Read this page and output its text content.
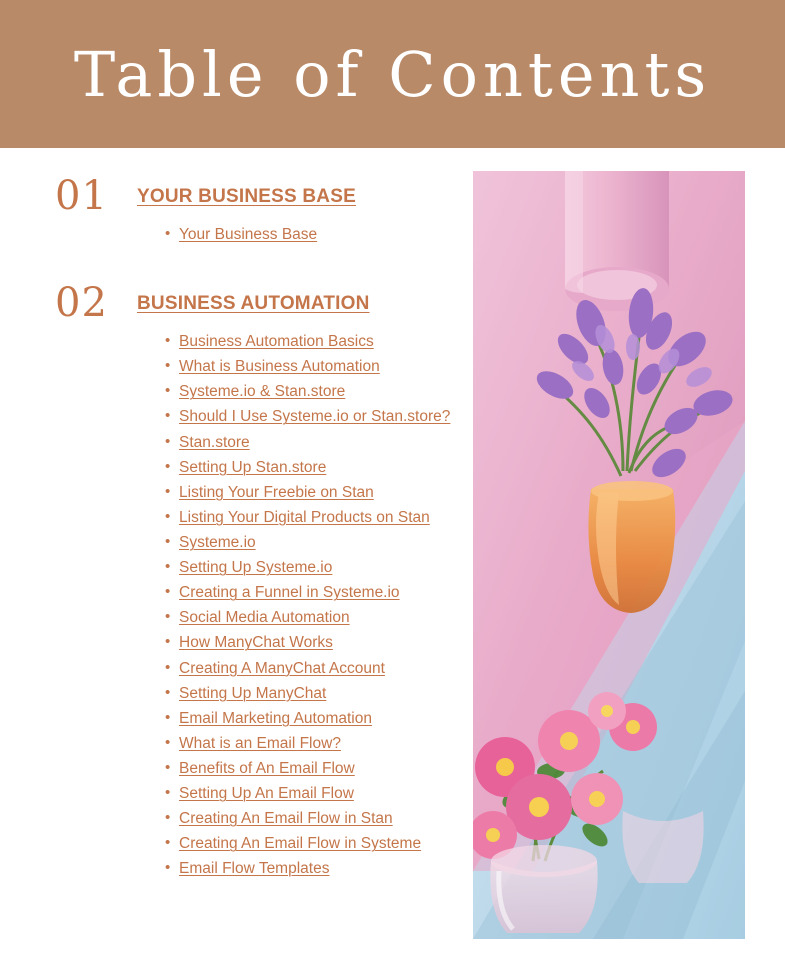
Table of Contents
01	YOUR BUSINESS BASE
• Your Business Base
02	BUSINESS AUTOMATION
• Business Automation Basics
• What is Business Automation
• Systeme.io & Stan.store
• Should I Use Systeme.io or Stan.store?
• Stan.store
• Setting Up Stan.store
• Listing Your Freebie on Stan
• Listing Your Digital Products on Stan
• Systeme.io
• Setting Up Systeme.io
• Creating a Funnel in Systeme.io
• Social Media Automation
• How ManyChat Works
• Creating A ManyChat Account
• Setting Up ManyChat
• Email Marketing Automation
• What is an Email Flow?
• Benefits of An Email Flow
• Setting Up An Email Flow
• Creating An Email Flow in Stan
• Creating An Email Flow in Systeme
• Email Flow Templates
